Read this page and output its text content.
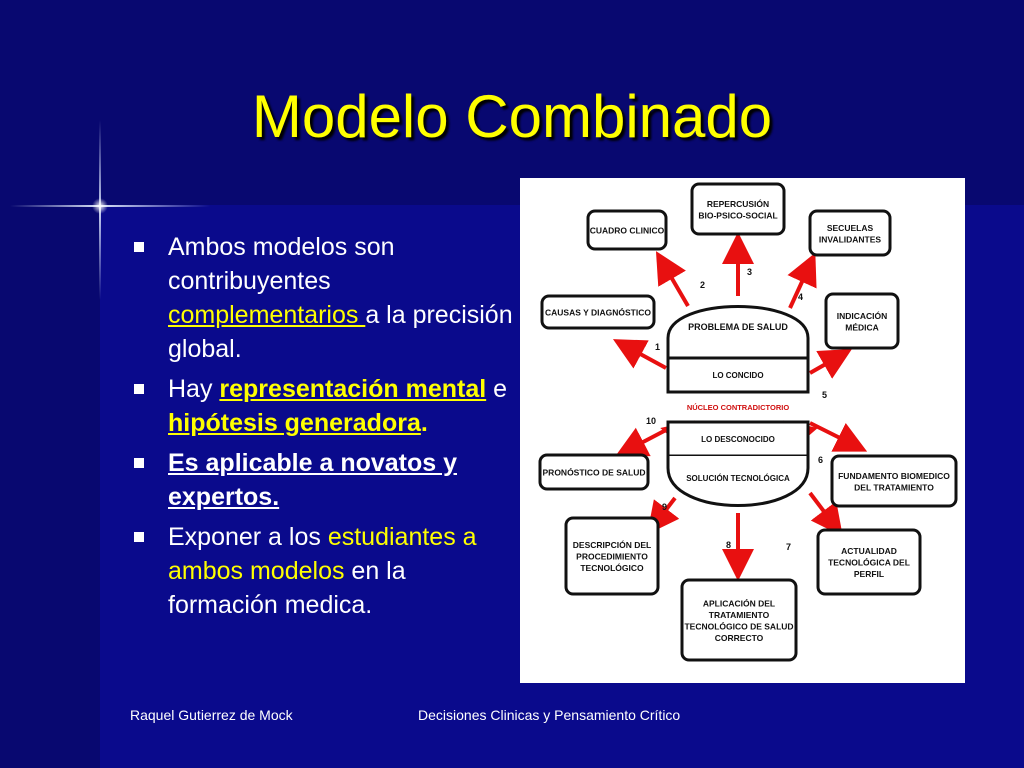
Modelo Combinado
Ambos modelos son contribuyentes complementarios a la precisión global.
Hay representación mental e hipótesis generadora.
Es aplicable a novatos y expertos.
Exponer a los estudiantes a ambos modelos en la formación medica.
REPERCUSIÓN
BIO-PSICO-SOCIAL
CUADRO CLINICO	SECUELAS
INVALIDANTES
CAUSAS Y DIAGNÓSTICO	INDICACIÓN
MÉDICA
PRONÓSTICO DE SALUD	FUNDAMENTO BIOMEDICO
DEL TRATAMIENTO
DESCRIPCIÓN DEL
PROCEDIMIENTO
TECNOLÓGICO
ACTUALIDAD
TECNOLÓGICA DEL
PERFIL
APLICACIÓN DEL
TRATAMIENTO
TECNOLÓGICO DE SALUD
CORRECTO
PROBLEMA DE SALUD
LO CONCIDO
NÚCLEO CONTRADICTORIO
LO DESCONOCIDO
SOLUCIÓN TECNOLÓGICA
1
2
3
4
5
6
7
8
9
10
Raquel Gutierrez de Mock	Decisiones Clinicas y Pensamiento Crítico
